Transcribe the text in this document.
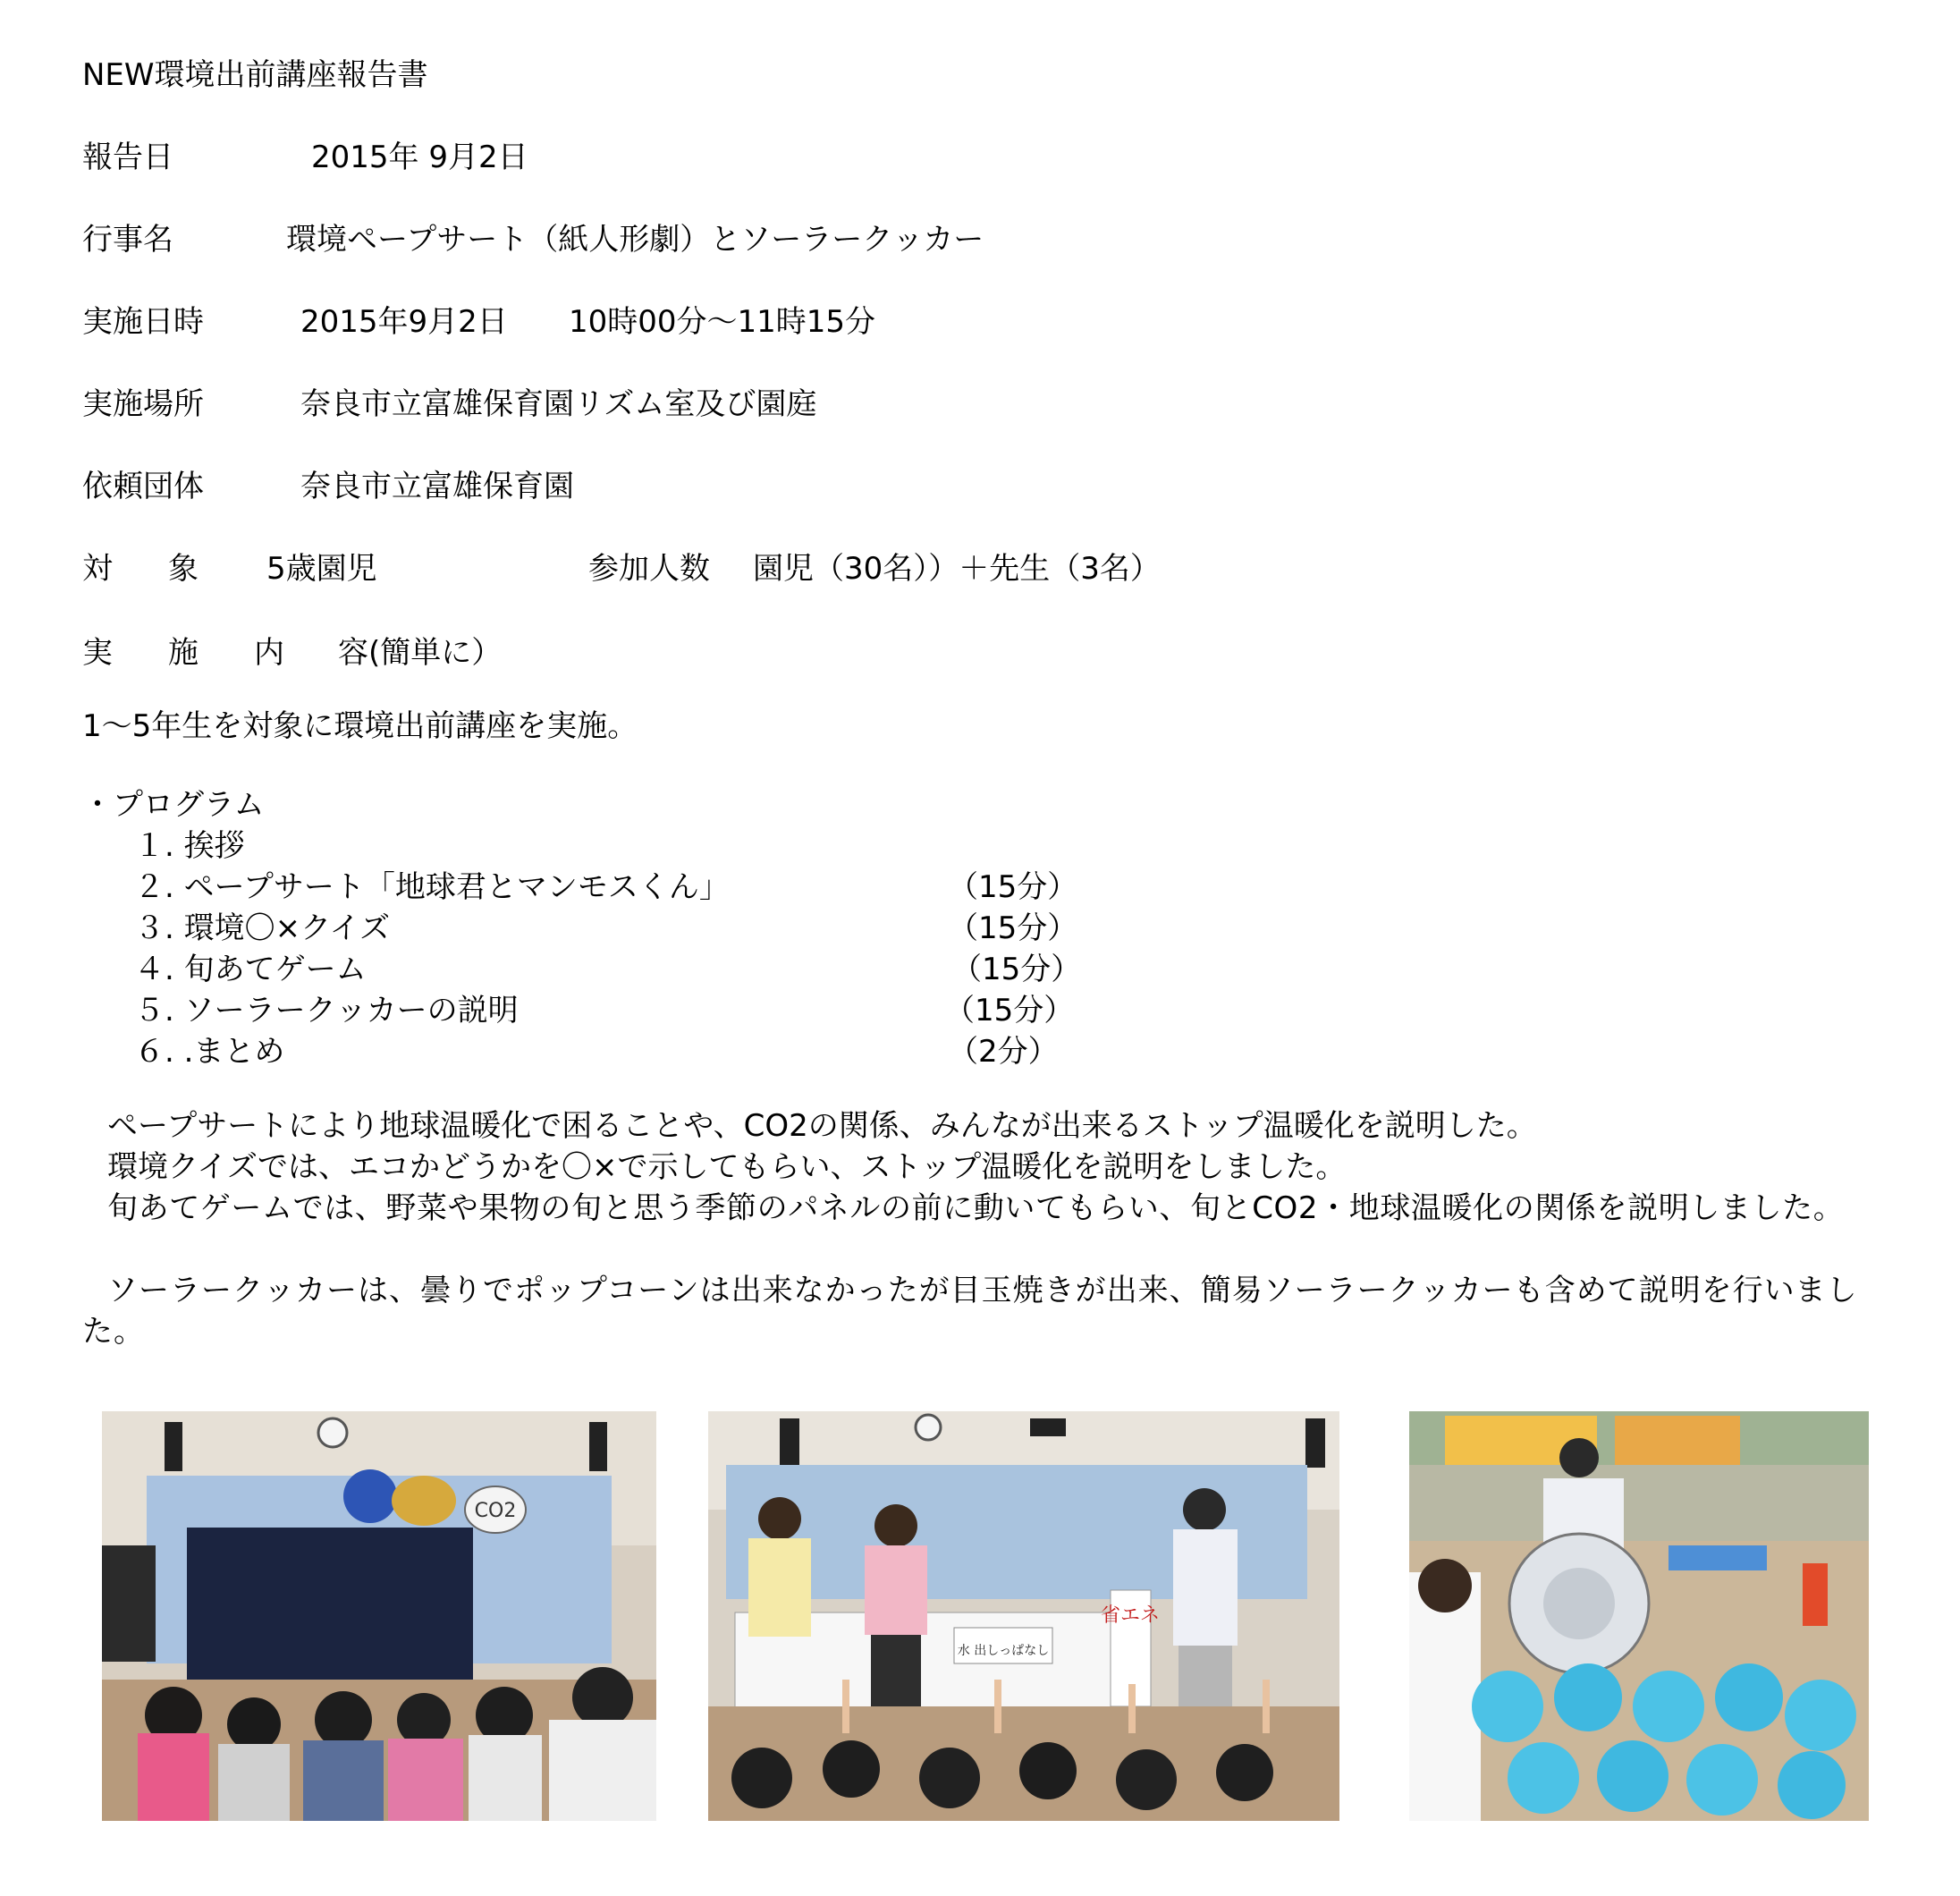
NEW環境出前講座報告書
報告日	2015年 9月2日
行事名	環境ペープサート（紙人形劇）とソーラークッカー
実施日時	2015年9月2日 10時00分～11時15分
実施場所	奈良市立富雄保育園リズム室及び園庭
依頼団体	奈良市立富雄保育園
対 象 5歳園児	参加人数 園児（30名））＋先生（3名）
実 施 内 容(簡単に）
1～5年生を対象に環境出前講座を実施。
・プログラム
１. 挨拶
２. ペープサート「地球君とマンモスくん」	（15分）
３. 環境〇×クイズ	（15分）
４. 旬あてゲーム	（15分）
５. ソーラークッカーの説明	（15分）
６. .まとめ	（2分）
ペープサートにより地球温暖化で困ることや、CO2の関係、みんなが出来るストップ温暖化を説明した。
環境クイズでは、エコかどうかを〇×で示してもらい、ストップ温暖化を説明をしました。
旬あてゲームでは、野菜や果物の旬と思う季節のパネルの前に動いてもらい、旬とCO2・地球温暖化の関係を説明しました。
ソーラークッカーは、曇りでポップコーンは出来なかったが目玉焼きが出来、簡易ソーラークッカーも含めて説明を行いました。
CO2
水 出しっぱなし
省エネ
